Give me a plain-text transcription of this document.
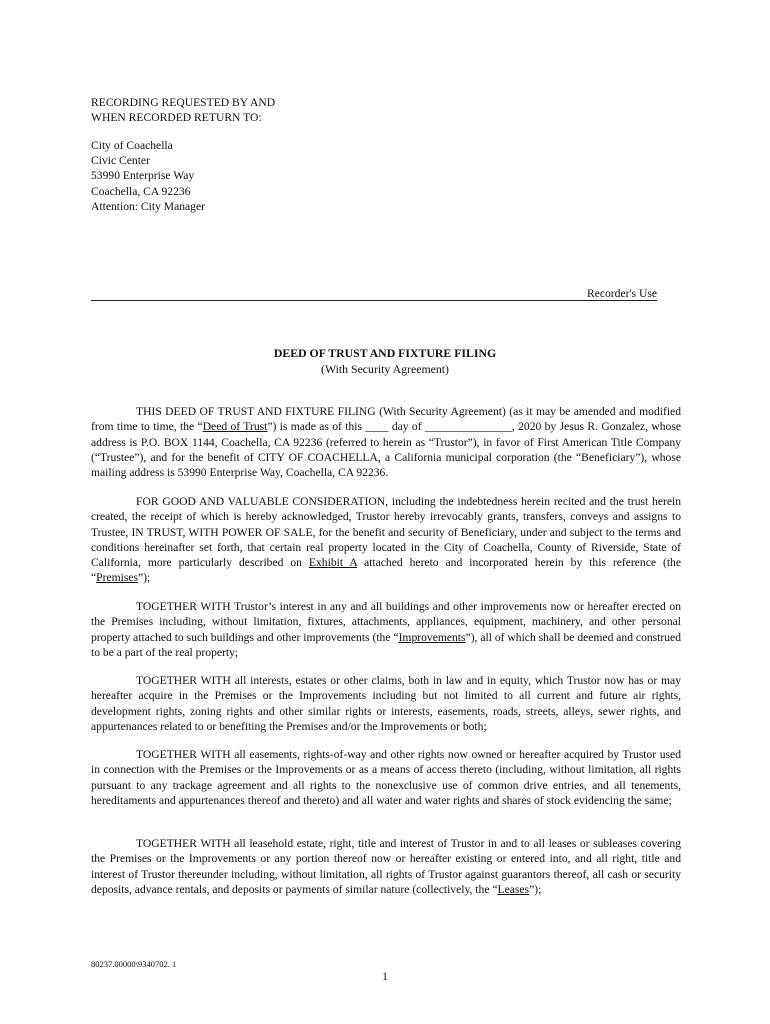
RECORDING REQUESTED BY AND
WHEN RECORDED RETURN TO:
City of Coachella
Civic Center
53990 Enterprise Way
Coachella, CA 92236
Attention: City Manager
Recorder's Use
DEED OF TRUST AND FIXTURE FILING
(With Security Agreement)

THIS DEED OF TRUST AND FIXTURE FILING (With Security Agreement) (as it may be amended and modified from time to time, the “Deed of Trust”) is made as of this ____ day of _______________, 2020 by Jesus R. Gonzalez, whose address is P.O. BOX 1144, Coachella, CA 92236 (referred to herein as “Trustor”), in favor of First American Title Company (“Trustee”), and for the benefit of CITY OF COACHELLA, a California municipal corporation (the “Beneficiary”), whose mailing address is 53990 Enterprise Way, Coachella, CA 92236.

FOR GOOD AND VALUABLE CONSIDERATION, including the indebtedness herein recited and the trust herein created, the receipt of which is hereby acknowledged, Trustor hereby irrevocably grants, transfers, conveys and assigns to Trustee, IN TRUST, WITH POWER OF SALE, for the benefit and security of Beneficiary, under and subject to the terms and conditions hereinafter set forth, that certain real property located in the City of Coachella, County of Riverside, State of California, more particularly described on Exhibit A attached hereto and incorporated herein by this reference (the “Premises”);

TOGETHER WITH Trustor’s interest in any and all buildings and other improvements now or hereafter erected on the Premises including, without limitation, fixtures, attachments, appliances, equipment, machinery, and other personal property attached to such buildings and other improvements (the “Improvements”), all of which shall be deemed and construed to be a part of the real property;

TOGETHER WITH all interests, estates or other claims, both in law and in equity, which Trustor now has or may hereafter acquire in the Premises or the Improvements including but not limited to all current and future air rights, development rights, zoning rights and other similar rights or interests, easements, roads, streets, alleys, sewer rights, and appurtenances related to or benefiting the Premises and/or the Improvements or both;

TOGETHER WITH all easements, rights-of-way and other rights now owned or hereafter acquired by Trustor used in connection with the Premises or the Improvements or as a means of access thereto (including, without limitation, all rights pursuant to any trackage agreement and all rights to the nonexclusive use of common drive entries, and all tenements, hereditaments and appurtenances thereof and thereto) and all water and water rights and shares of stock evidencing the same;

TOGETHER WITH all leasehold estate, right, title and interest of Trustor in and to all leases or subleases covering the Premises or the Improvements or any portion thereof now or hereafter existing or entered into, and all right, title and interest of Trustor thereunder including, without limitation, all rights of Trustor against guarantors thereof, all cash or security deposits, advance rentals, and deposits or payments of similar nature (collectively, the “Leases”);

80237.00000\9340702. 1
1
